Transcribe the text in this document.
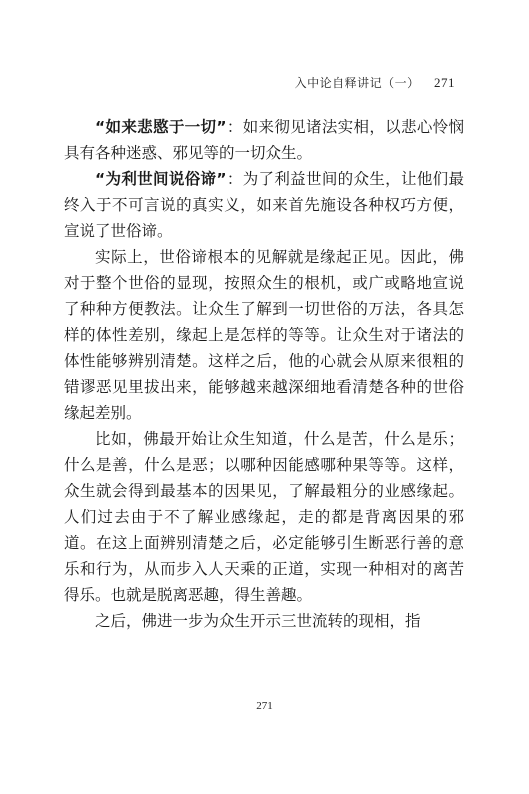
入中论自释讲记（一） 271

“如来悲愍于一切”：如来彻见诸法实相，以悲心怜悯具有各种迷惑、邪见等的一切众生。

“为利世间说俗谛”：为了利益世间的众生，让他们最终入于不可言说的真实义，如来首先施设各种权巧方便，宣说了世俗谛。

实际上，世俗谛根本的见解就是缘起正见。因此，佛对于整个世俗的显现，按照众生的根机，或广或略地宣说了种种方便教法。让众生了解到一切世俗的万法，各具怎样的体性差别，缘起上是怎样的等等。让众生对于诸法的体性能够辨别清楚。这样之后，他的心就会从原来很粗的错谬恶见里拔出来，能够越来越深细地看清楚各种的世俗缘起差别。

比如，佛最开始让众生知道，什么是苦，什么是乐；什么是善，什么是恶；以哪种因能感哪种果等等。这样，众生就会得到最基本的因果见，了解最粗分的业感缘起。人们过去由于不了解业感缘起，走的都是背离因果的邪道。在这上面辨别清楚之后，必定能够引生断恶行善的意乐和行为，从而步入人天乘的正道，实现一种相对的离苦得乐。也就是脱离恶趣，得生善趣。

之后，佛进一步为众生开示三世流转的现相，指

271
